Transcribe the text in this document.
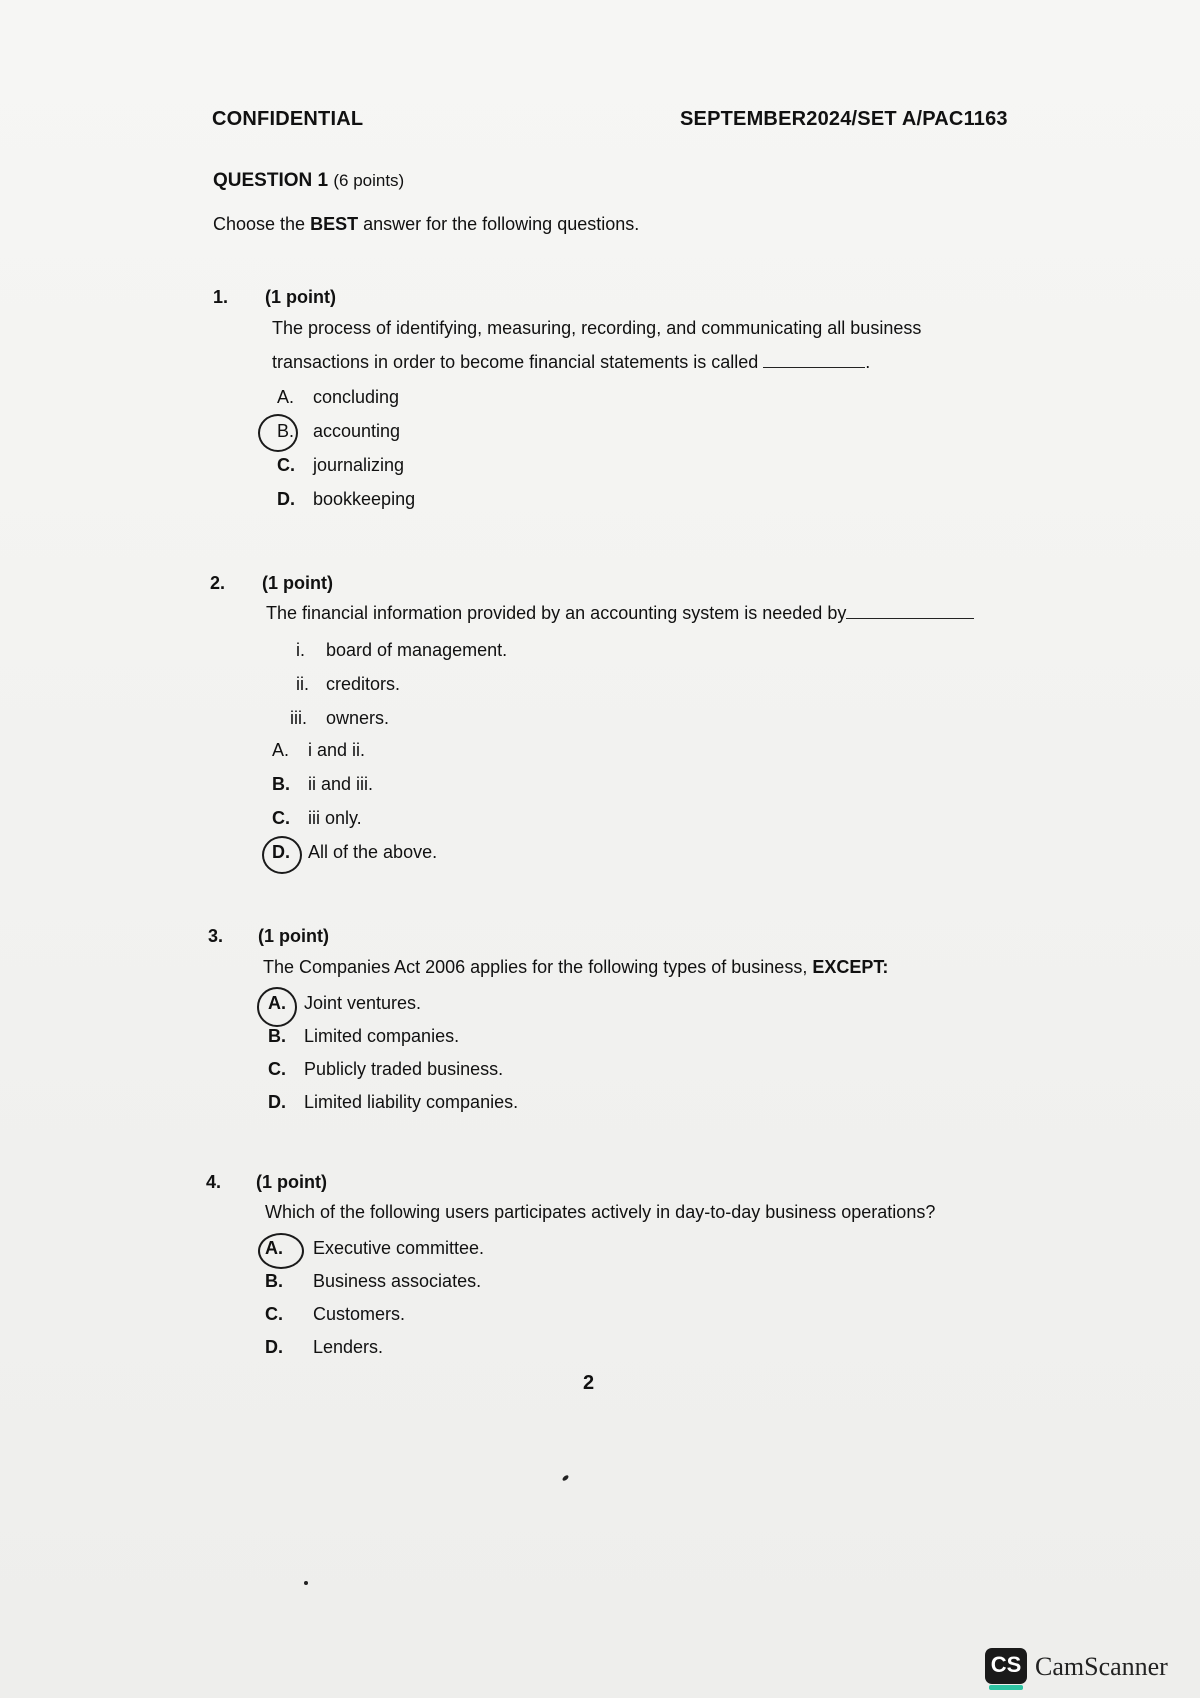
CONFIDENTIAL	SEPTEMBER2024/SET A/PAC1163
QUESTION 1 (6 points)
Choose the BEST answer for the following questions.
1. (1 point)
The process of identifying, measuring, recording, and communicating all business
transactions in order to become financial statements is called	.
A. concluding
B. accounting
C. journalizing
D. bookkeeping
2. (1 point)
The financial information provided by an accounting system is needed by
i. board of management.
ii. creditors.
iii. owners.
A. i and ii.
B. ii and iii.
C. iii only.
D. All of the above.
3. (1 point)
The Companies Act 2006 applies for the following types of business, EXCEPT:
A. Joint ventures.
B. Limited companies.
C. Publicly traded business.
D. Limited liability companies.
4. (1 point)
Which of the following users participates actively in day-to-day business operations?
A. Executive committee.
B. Business associates.
C. Customers.
D. Lenders.
2
CS CamScanner
